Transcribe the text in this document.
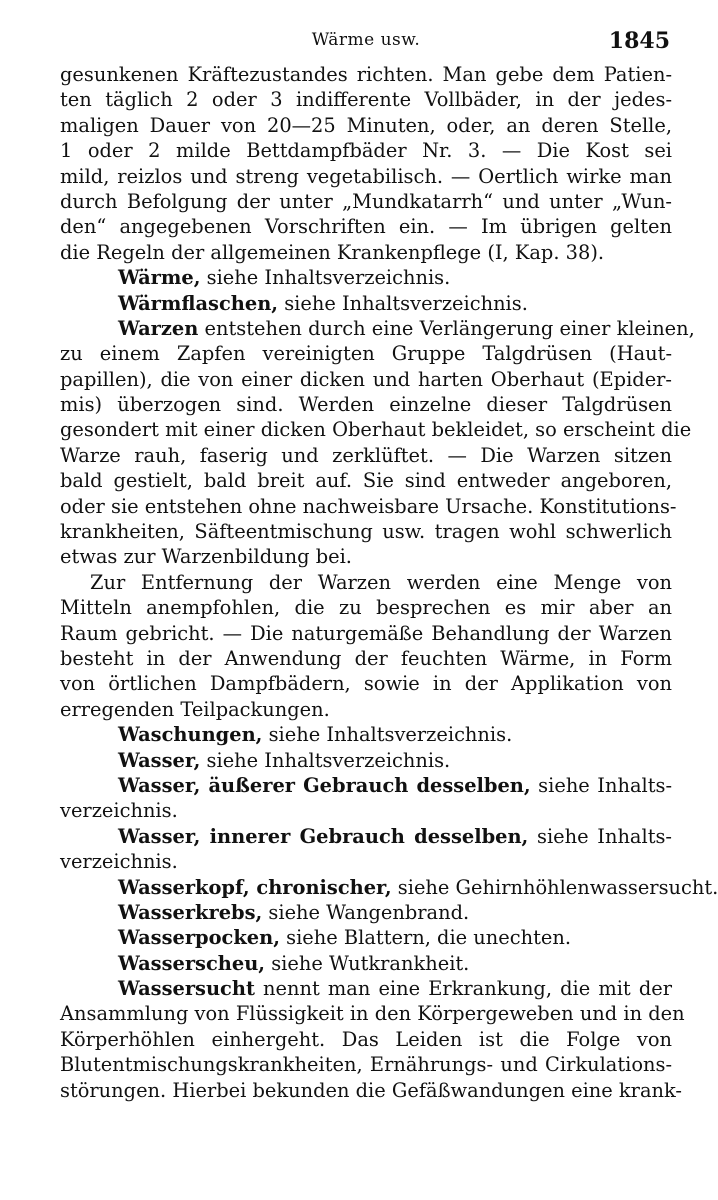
Wärme usw.	1845
gesunkenen Kräftezustandes richten. Man gebe dem Patien-
ten täglich 2 oder 3 indifferente Vollbäder, in der jedes-
maligen Dauer von 20—25 Minuten, oder, an deren Stelle,
1 oder 2 milde Bettdampfbäder Nr. 3. — Die Kost sei
mild, reizlos und streng vegetabilisch. — Oertlich wirke man
durch Befolgung der unter „Mundkatarrh“ und unter „Wun-
den“ angegebenen Vorschriften ein. — Im übrigen gelten
die Regeln der allgemeinen Krankenpflege (I, Kap. 38).
Wärme, siehe Inhaltsverzeichnis.
Wärmflaschen, siehe Inhaltsverzeichnis.
Warzen entstehen durch eine Verlängerung einer kleinen,
zu einem Zapfen vereinigten Gruppe Talgdrüsen (Haut-
papillen), die von einer dicken und harten Oberhaut (Epider-
mis) überzogen sind. Werden einzelne dieser Talgdrüsen
gesondert mit einer dicken Oberhaut bekleidet, so erscheint die
Warze rauh, faserig und zerklüftet. — Die Warzen sitzen
bald gestielt, bald breit auf. Sie sind entweder angeboren,
oder sie entstehen ohne nachweisbare Ursache. Konstitutions-
krankheiten, Säfteentmischung usw. tragen wohl schwerlich
etwas zur Warzenbildung bei.
Zur Entfernung der Warzen werden eine Menge von
Mitteln anempfohlen, die zu besprechen es mir aber an
Raum gebricht. — Die naturgemäße Behandlung der Warzen
besteht in der Anwendung der feuchten Wärme, in Form
von örtlichen Dampfbädern, sowie in der Applikation von
erregenden Teilpackungen.
Waschungen, siehe Inhaltsverzeichnis.
Wasser, siehe Inhaltsverzeichnis.
Wasser, äußerer Gebrauch desselben, siehe Inhalts-
verzeichnis.
Wasser, innerer Gebrauch desselben, siehe Inhalts-
verzeichnis.
Wasserkopf, chronischer, siehe Gehirnhöhlenwassersucht.
Wasserkrebs, siehe Wangenbrand.
Wasserpocken, siehe Blattern, die unechten.
Wasserscheu, siehe Wutkrankheit.
Wassersucht nennt man eine Erkrankung, die mit der
Ansammlung von Flüssigkeit in den Körpergeweben und in den
Körperhöhlen einhergeht. Das Leiden ist die Folge von
Blutentmischungskrankheiten, Ernährungs- und Cirkulations-
störungen. Hierbei bekunden die Gefäßwandungen eine krank-
